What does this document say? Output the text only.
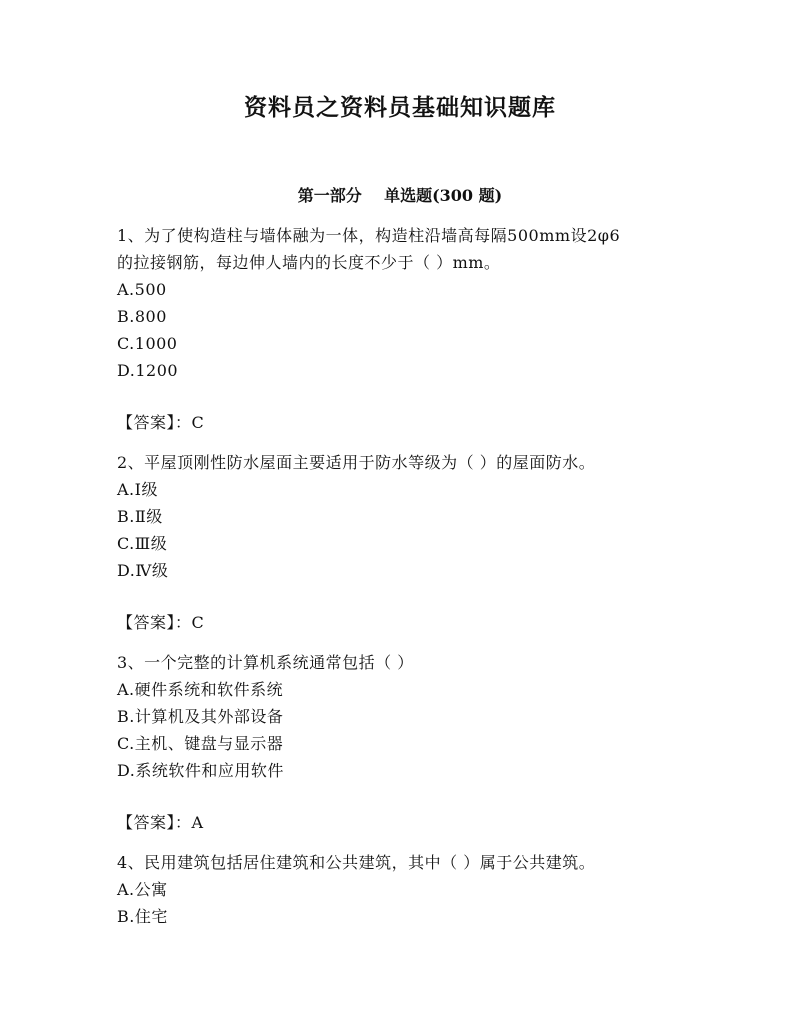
资料员之资料员基础知识题库
第一部分    单选题(300 题)
1、为了使构造柱与墙体融为一体，构造柱沿墙高每隔500mm设2φ6
的拉接钢筋，每边伸人墙内的长度不少于（ ）mm。
A.500
B.800
C.1000
D.1200
【答案】：C
2、平屋顶刚性防水屋面主要适用于防水等级为（ ）的屋面防水。
A.Ⅰ级
B.Ⅱ级
C.Ⅲ级
D.Ⅳ级
【答案】：C
3、一个完整的计算机系统通常包括（ ）
A.硬件系统和软件系统
B.计算机及其外部设备
C.主机、键盘与显示器
D.系统软件和应用软件
【答案】：A
4、民用建筑包括居住建筑和公共建筑，其中（ ）属于公共建筑。
A.公寓
B.住宅
